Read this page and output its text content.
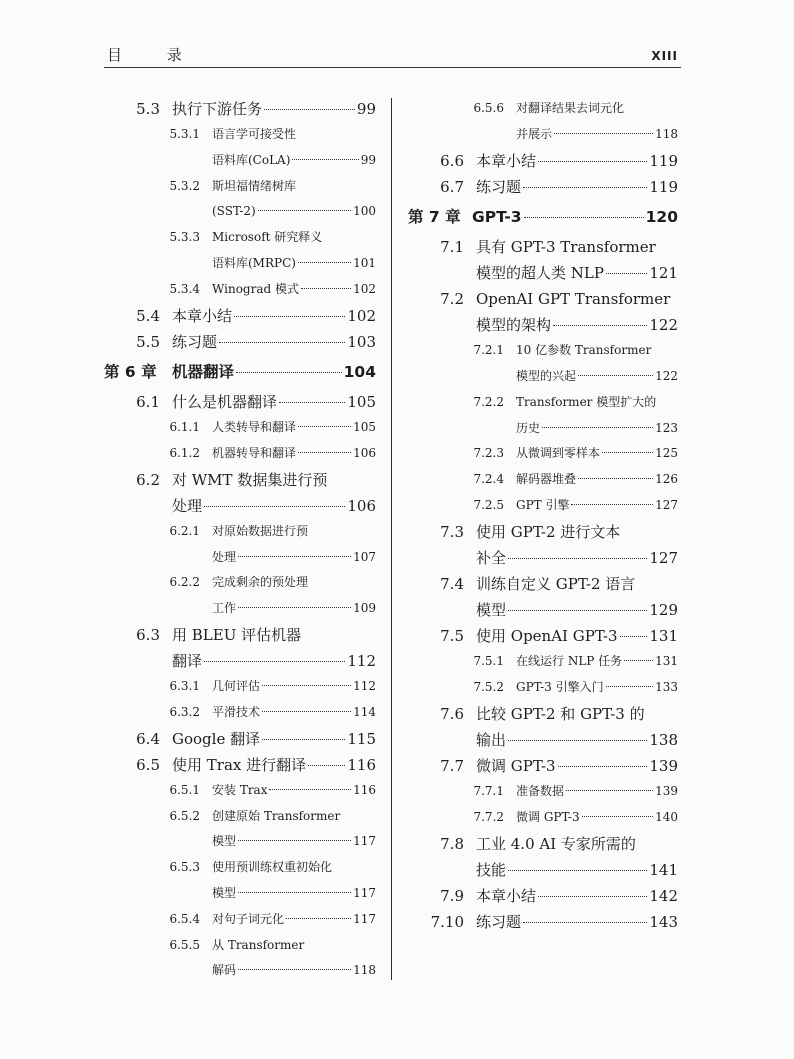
目 录	XIII
5.3 执行下游任务	99
5.3.1	语言学可接受性
语料库(CoLA)	99
5.3.2	斯坦福情绪树库
(SST-2)	100
5.3.3	Microsoft 研究释义
语料库(MRPC)	101
5.3.4	Winograd 模式	102
5.4 本章小结	102
5.5 练习题	103
第 6 章 机器翻译	104
6.1 什么是机器翻译	105
6.1.1	人类转导和翻译	105
6.1.2	机器转导和翻译	106
6.2 对 WMT 数据集进行预
处理	106
6.2.1	对原始数据进行预
处理	107
6.2.2	完成剩余的预处理
工作	109
6.3 用 BLEU 评估机器
翻译	112
6.3.1	几何评估	112
6.3.2	平滑技术	114
6.4 Google 翻译	115
6.5 使用 Trax 进行翻译	116
6.5.1	安装 Trax	116
6.5.2	创建原始 Transformer
模型	117
6.5.3	使用预训练权重初始化
模型	117
6.5.4	对句子词元化	117
6.5.5	从 Transformer
解码	118
6.5.6	对翻译结果去词元化
并展示	118
6.6 本章小结	119
6.7 练习题	119
第 7 章 GPT-3	120
7.1 具有 GPT-3 Transformer
模型的超人类 NLP	121
7.2 OpenAI GPT Transformer
模型的架构	122
7.2.1	10 亿参数 Transformer
模型的兴起	122
7.2.2	Transformer 模型扩大的
历史	123
7.2.3	从微调到零样本	125
7.2.4	解码器堆叠	126
7.2.5	GPT 引擎	127
7.3 使用 GPT-2 进行文本
补全	127
7.4 训练自定义 GPT-2 语言
模型	129
7.5 使用 OpenAI GPT-3 131
7.5.1	在线运行 NLP 任务	131
7.5.2	GPT-3 引擎入门	133
7.6 比较 GPT-2 和 GPT-3 的
输出	138
7.7 微调 GPT-3	139
7.7.1	准备数据	139
7.7.2	微调 GPT-3	140
7.8 工业 4.0 AI 专家所需的
技能	141
7.9 本章小结	142
7.10 练习题	143
